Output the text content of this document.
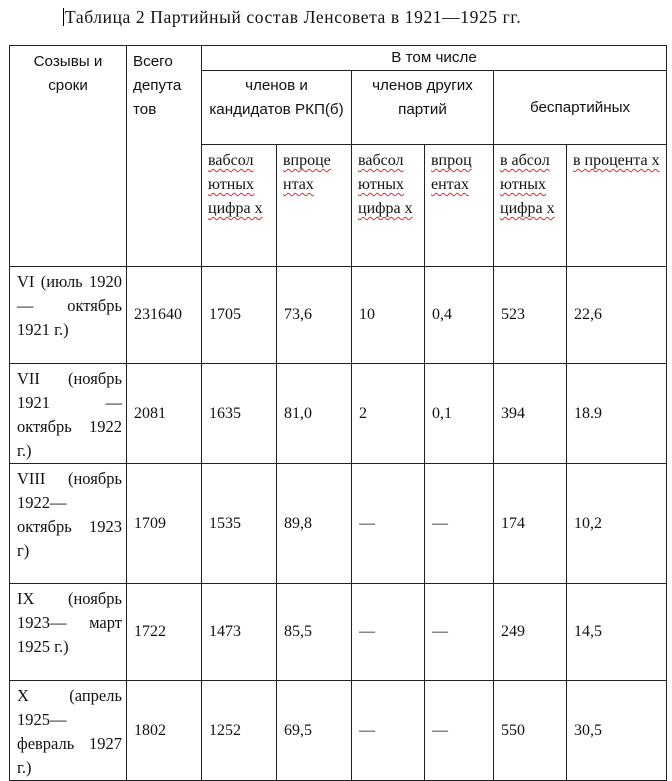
Таблица 2 Партийный состав Ленсовета в 1921—1925 гг.
Созывы и сроки	Всего депута тов	В том числе					
		членов и кандидатов РКП(б)		членов других партий		беспартийных	
		вабсол ютных цифра х	впроце нтах	вабсол ютных цифра х	впроц ентах	в абсол ютных цифра х	в процента х
VI (июль 1920— октябрь 1921 г.)	231640	1705	73,6	10	0,4	523	22,6
VII (ноябрь 1921 — октябрь 1922 г.)	2081	1635	81,0	2	0,1	394	18.9
VIII (ноябрь 1922— октябрь 1923 г)	1709	1535	89,8	—	—	174	10,2
IX (ноябрь 1923— март 1925 г.)	1722	1473	85,5	—	—	249	14,5
X (апрель 1925— февраль 1927 г.)	1802	1252	69,5	—	—	550	30,5
